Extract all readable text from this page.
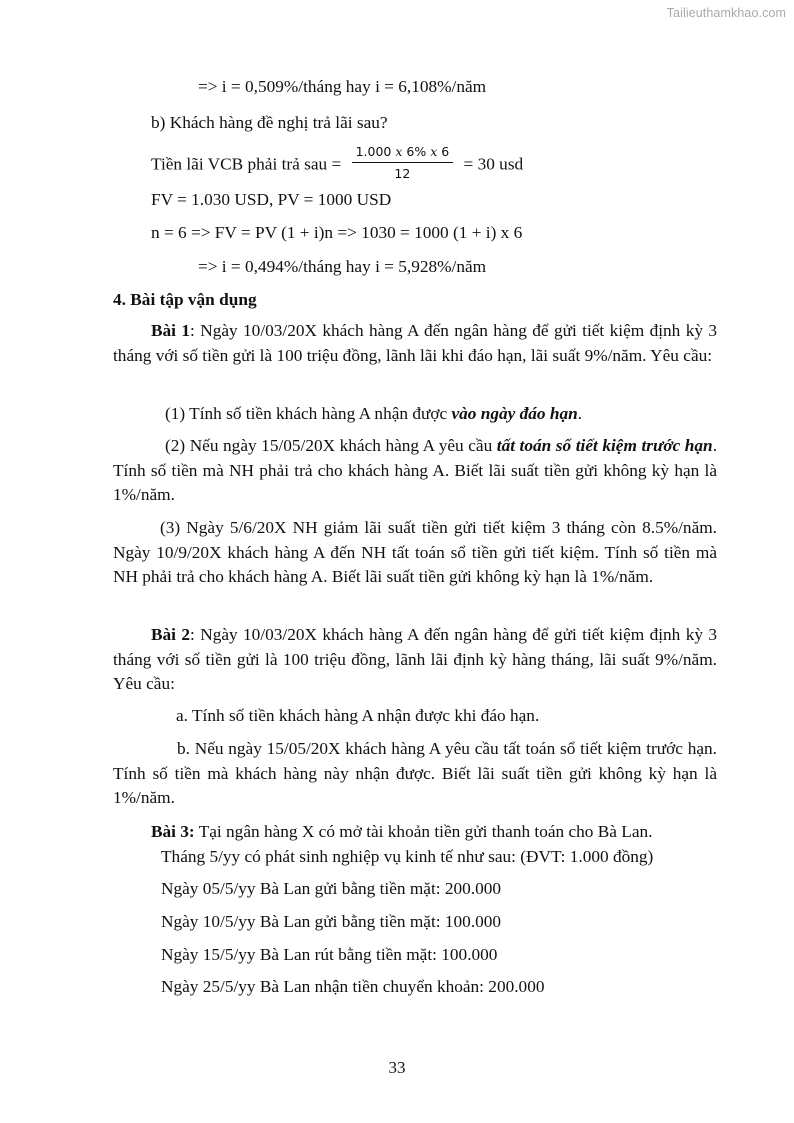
Tailieuthamkhao.com
=> i = 0,509%/tháng hay i = 6,108%/năm
b) Khách hàng đề nghị trả lãi sau?
Tiền lãi VCB phải trả sau = $\frac{1.000 x 6\% x 6}{12} = 30$ usd
FV = 1.030 USD, PV = 1000 USD
n = 6 => FV = PV (1 + i)n => 1030 = 1000 (1 + i) x 6
=> i = 0,494%/tháng hay i = 5,928%/năm
4. Bài tập vận dụng
Bài 1: Ngày 10/03/20X khách hàng A đến ngân hàng để gửi tiết kiệm định kỳ 3 tháng với số tiền gửi là 100 triệu đồng, lãnh lãi khi đáo hạn, lãi suất 9%/năm. Yêu cầu:
(1) Tính số tiền khách hàng A nhận được vào ngày đáo hạn.
(2) Nếu ngày 15/05/20X khách hàng A yêu cầu tất toán sổ tiết kiệm trước hạn. Tính số tiền mà NH phải trả cho khách hàng A. Biết lãi suất tiền gửi không kỳ hạn là 1%/năm.
(3) Ngày 5/6/20X NH giảm lãi suất tiền gửi tiết kiệm 3 tháng còn 8.5%/năm. Ngày 10/9/20X khách hàng A đến NH tất toán sổ tiền gửi tiết kiệm. Tính số tiền mà NH phải trả cho khách hàng A. Biết lãi suất tiền gửi không kỳ hạn là 1%/năm.
Bài 2: Ngày 10/03/20X khách hàng A đến ngân hàng để gửi tiết kiệm định kỳ 3 tháng với số tiền gửi là 100 triệu đồng, lãnh lãi định kỳ hàng tháng, lãi suất 9%/năm. Yêu cầu:
a. Tính số tiền khách hàng A nhận được khi đáo hạn.
b. Nếu ngày 15/05/20X khách hàng A yêu cầu tất toán sổ tiết kiệm trước hạn. Tính số tiền mà khách hàng này nhận được. Biết lãi suất tiền gửi không kỳ hạn là 1%/năm.
Bài 3: Tại ngân hàng X có mở tài khoản tiền gửi thanh toán cho Bà Lan.
Tháng 5/yy có phát sinh nghiệp vụ kinh tế như sau: (ĐVT: 1.000 đồng)
Ngày 05/5/yy Bà Lan gửi bằng tiền mặt: 200.000
Ngày 10/5/yy Bà Lan gửi bằng tiền mặt: 100.000
Ngày 15/5/yy Bà Lan rút bằng tiền mặt: 100.000
Ngày 25/5/yy Bà Lan nhận tiền chuyển khoản: 200.000
33
